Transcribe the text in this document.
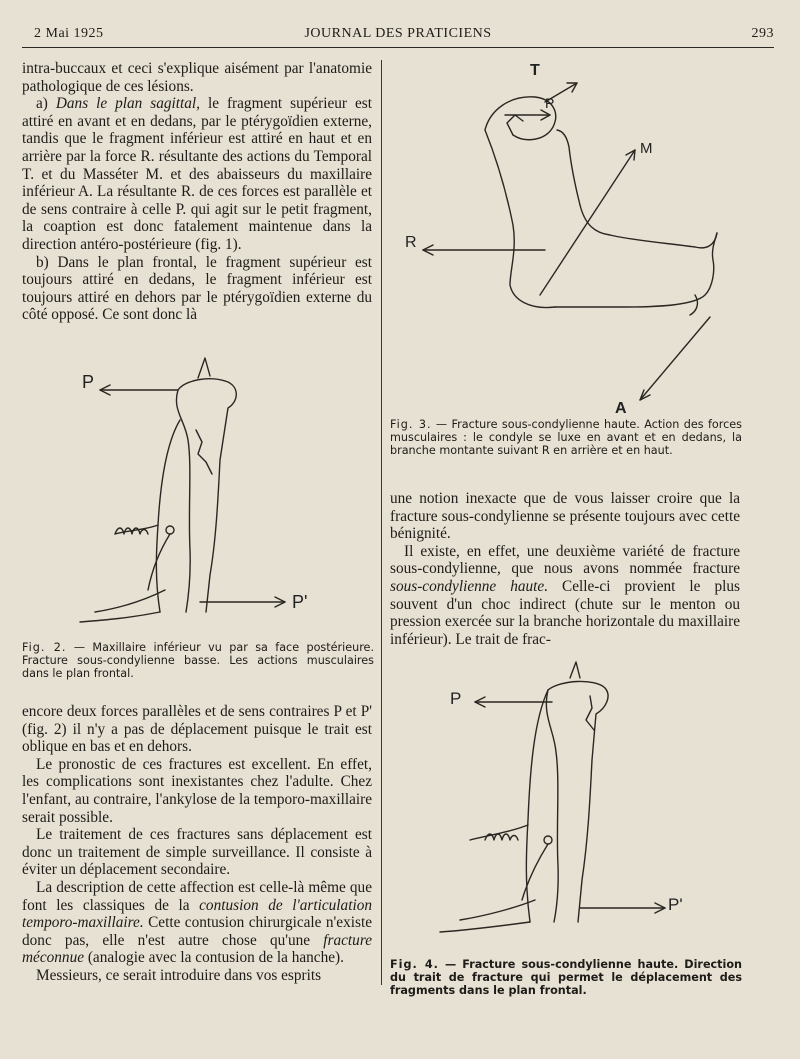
2 Mai 1925	JOURNAL DES PRATICIENS	293

intra-buccaux et ceci s'explique aisément par l'anatomie pathologique de ces lésions.

a) Dans le plan sagittal, le fragment supérieur est attiré en avant et en dedans, par le ptérygoïdien externe, tandis que le fragment inférieur est attiré en haut et en arrière par la force R. résultante des actions du Temporal T. et du Masséter M. et des abaisseurs du maxillaire inférieur A. La résultante R. de ces forces est parallèle et de sens contraire à celle P. qui agit sur le petit fragment, la coaption est donc fatalement maintenue dans la direction antéro-postérieure (fig. 1).

b) Dans le plan frontal, le fragment supérieur est toujours attiré en dedans, le fragment inférieur est toujours attiré en dehors par le ptérygoïdien externe du côté opposé. Ce sont donc là

P
P'
Fig. 2. — Maxillaire inférieur vu par sa face postérieure. Fracture sous-condylienne basse. Les actions musculaires dans le plan frontal.

encore deux forces parallèles et de sens contraires P et P' (fig. 2) il n'y a pas de déplacement puisque le trait est oblique en bas et en dehors.

Le pronostic de ces fractures est excellent. En effet, les complications sont inexistantes chez l'adulte. Chez l'enfant, au contraire, l'ankylose de la temporo-maxillaire serait possible.

Le traitement de ces fractures sans déplacement est donc un traitement de simple surveillance. Il consiste à éviter un déplacement secondaire.

La description de cette affection est celle-là même que font les classiques de la contusion de l'articulation temporo-maxillaire. Cette contusion chirurgicale n'existe donc pas, elle n'est autre chose qu'une fracture méconnue (analogie avec la contusion de la hanche).

Messieurs, ce serait introduire dans vos esprits

T
P
M
R
A
Fig. 3. — Fracture sous-condylienne haute. Action des forces musculaires : le condyle se luxe en avant et en dedans, la branche montante suivant R en arrière et en haut.

une notion inexacte que de vous laisser croire que la fracture sous-condylienne se présente toujours avec cette bénignité.

Il existe, en effet, une deuxième variété de fracture sous-condylienne, que nous avons nommée fracture sous-condylienne haute. Celle-ci provient le plus souvent d'un choc indirect (chute sur le menton ou pression exercée sur la branche horizontale du maxillaire inférieur). Le trait de frac-

P
P'
Fig. 4. — Fracture sous-condylienne haute. Direction du trait de fracture qui permet le déplacement des fragments dans le plan frontal.
